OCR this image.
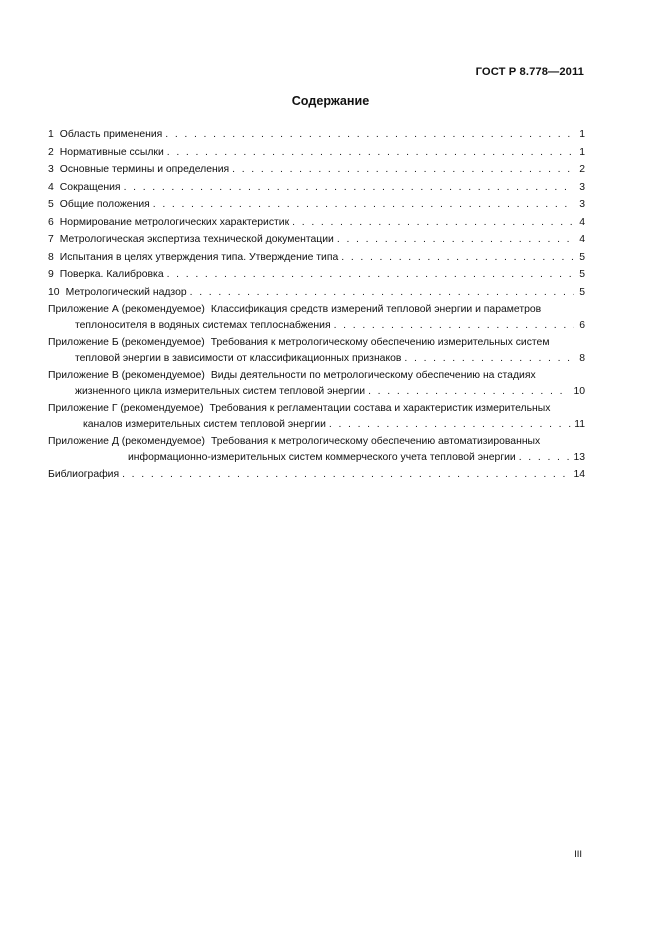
ГОСТ Р 8.778—2011
Содержание
1 Область применения . . .	1
2 Нормативные ссылки . . .	1
3 Основные термины и определения . . .	2
4 Сокращения . . .	3
5 Общие положения . . .	3
6 Нормирование метрологических характеристик . . .	4
7 Метрологическая экспертиза технической документации . . .	4
8 Испытания в целях утверждения типа. Утверждение типа . . .	5
9 Поверка. Калибровка . . .	5
10 Метрологический надзор . . .	5
Приложение А (рекомендуемое) Классификация средств измерений тепловой энергии и параметров
теплоносителя в водяных системах теплоснабжения . . .	6
Приложение Б (рекомендуемое) Требования к метрологическому обеспечению измерительных систем
тепловой энергии в зависимости от классификационных признаков . . .	8
Приложение В (рекомендуемое) Виды деятельности по метрологическому обеспечению на стадиях
жизненного цикла измерительных систем тепловой энергии . . .	10
Приложение Г (рекомендуемое) Требования к регламентации состава и характеристик измерительных
каналов измерительных систем тепловой энергии . . .	11
Приложение Д (рекомендуемое) Требования к метрологическому обеспечению автоматизированных
информационно-измерительных систем коммерческого учета тепловой энергии . . .	13
Библиография . . .	14
III
